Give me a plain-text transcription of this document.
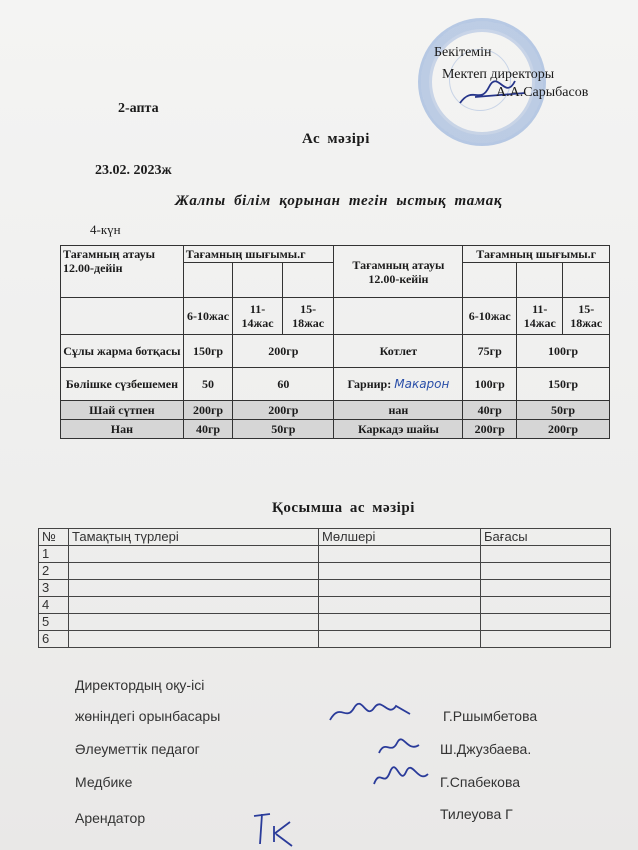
Бекітемін
Мектеп директоры
А.А.Сарыбасов
2-апта
Ас мәзірі
23.02. 2023ж
Жалпы білім қорынан тегін ыстық тамақ
4-күн
Тағамның атауы 12.00-дейін	Тағамның шығымы.г			Тағамның атауы 12.00-кейін	Тағамның шығымы.г		

	6-10жас	11-14жас	15-18жас		6-10жас	11-14жас	15-18жас
Сұлы жарма ботқасы	150гр	200гр		Котлет	75гр	100гр	
Бөлішке сүзбешемен	50	60		Гарнир: Макарон	100гр	150гр	
Шай сүтпен	200гр	200гр		нан	40гр	50гр	
Нан	40гр	50гр		Каркадэ шайы	200гр	200гр	
Қосымша ас мәзірі
№	Тамақтың түрлері	Мөлшері	Бағасы
1			
2			
3			
4			
5			
6			
Директордың оқу-ісі
жөніндегі орынбасары	Г.Ршымбетова
Әлеуметтік педагог	Ш.Джузбаева.
Медбике	Г.Спабекова
Арендатор	Тилеуова Г
